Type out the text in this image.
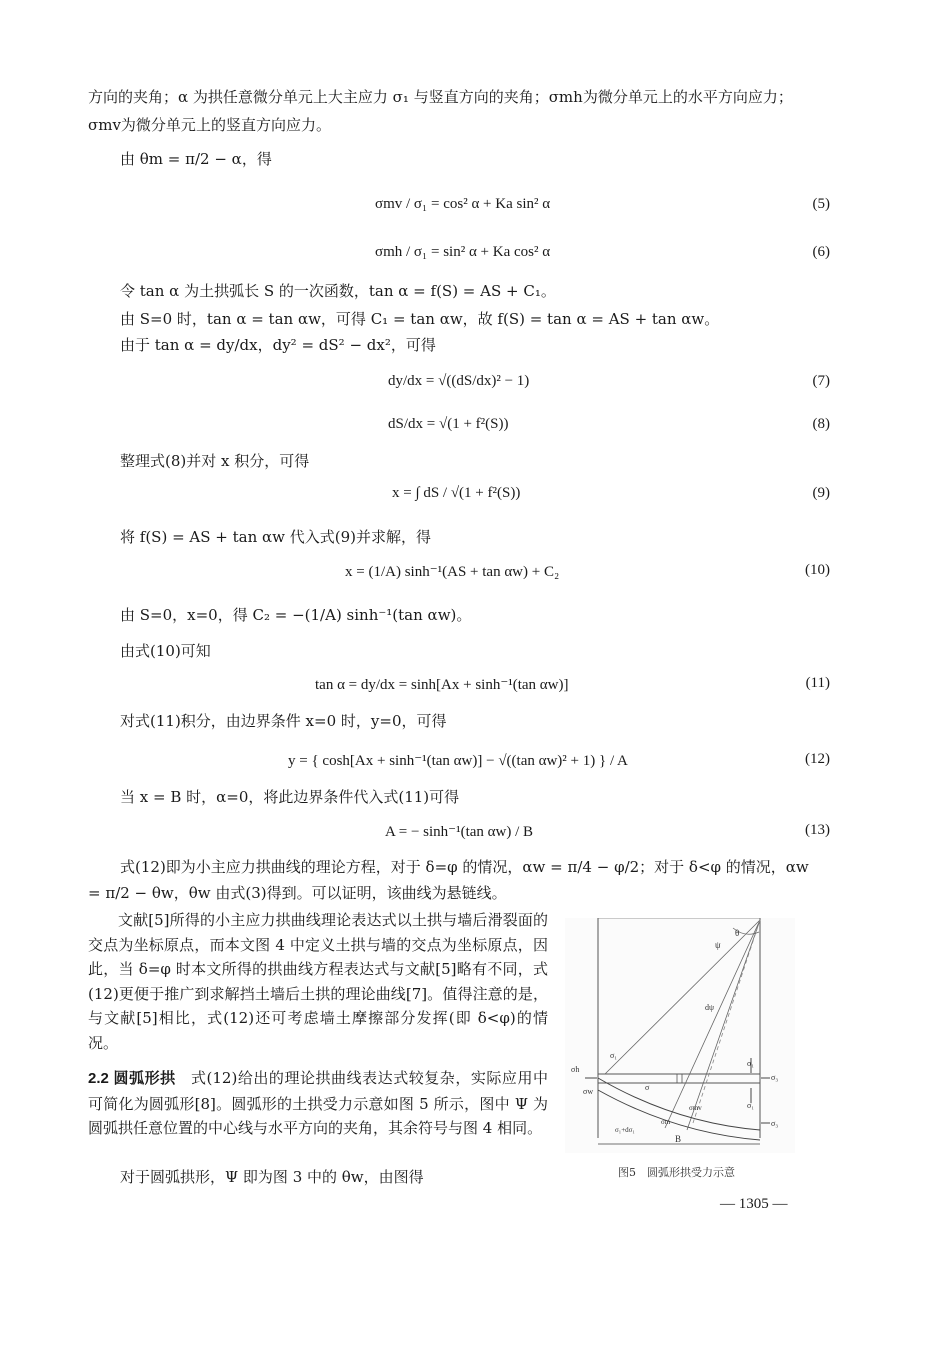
方向的夹角；α 为拱任意微分单元上大主应力 σ₁ 与竖直方向的夹角；σmh为微分单元上的水平方向应力；
σmv为微分单元上的竖直方向应力。
由 θm = π/2 − α，得
σmv / σ₁ = cos² α + Ka sin² α	(5)
σmh / σ₁ = sin² α + Ka cos² α	(6)
令 tan α 为土拱弧长 S 的一次函数，tan α = f(S) = AS + C₁。
由 S=0 时，tan α = tan αw，可得 C₁ = tan αw，故 f(S) = tan α = AS + tan αw。
由于 tan α = dy/dx，dy² = dS² − dx²，可得
dy/dx = √((dS/dx)² − 1)	(7)
dS/dx = √(1 + f²(S))	(8)
整理式(8)并对 x 积分，可得
x = ∫ dS / √(1 + f²(S))	(9)
将 f(S) = AS + tan αw 代入式(9)并求解，得
x = (1/A) sinh⁻¹(AS + tan αw) + C₂	(10)
由 S=0，x=0，得 C₂ = −(1/A) sinh⁻¹(tan αw)。
由式(10)可知
tan α = dy/dx = sinh[Ax + sinh⁻¹(tan αw)]	(11)
对式(11)积分，由边界条件 x=0 时，y=0，可得
y = { cosh[Ax + sinh⁻¹(tan αw)] − √((tan αw)² + 1) } / A	(12)
当 x = B 时，α=0，将此边界条件代入式(11)可得
A = − sinh⁻¹(tan αw) / B	(13)
式(12)即为小主应力拱曲线的理论方程，对于 δ=φ 的情况，αw = π/4 − φ/2；对于 δ<φ 的情况，αw
= π/2 − θw，θw 由式(3)得到。可以证明，该曲线为悬链线。
文献[5]所得的小主应力拱曲线理论表达式以土拱与墙后滑裂面的交点为坐标原点，而本文图 4 中定义土拱与墙的交点为坐标原点，因此，当 δ=φ 时本文所得的拱曲线方程表达式与文献[5]略有不同，式(12)更便于推广到求解挡土墙后土拱的理论曲线[7]。值得注意的是，与文献[5]相比，式(12)还可考虑墙土摩擦部分发挥(即 δ<φ)的情况。
2.2 圆弧形拱 式(12)给出的理论拱曲线表达式较复杂，实际应用中可简化为圆弧形[8]。圆弧形的土拱受力示意如图 5 所示，图中 Ψ 为圆弧拱任意位置的中心线与水平方向的夹角，其余符号与图 4 相同。
对于圆弧拱形，Ψ 即为图 3 中的 θw，由图得
θ
ψ
dψ
σ₁
σ₁
σ₁
σ₃
σ₃
σh
σw	σ
σmv
σm
σ₁+dσ₁
B
图5　圆弧形拱受力示意
— 1305 —
